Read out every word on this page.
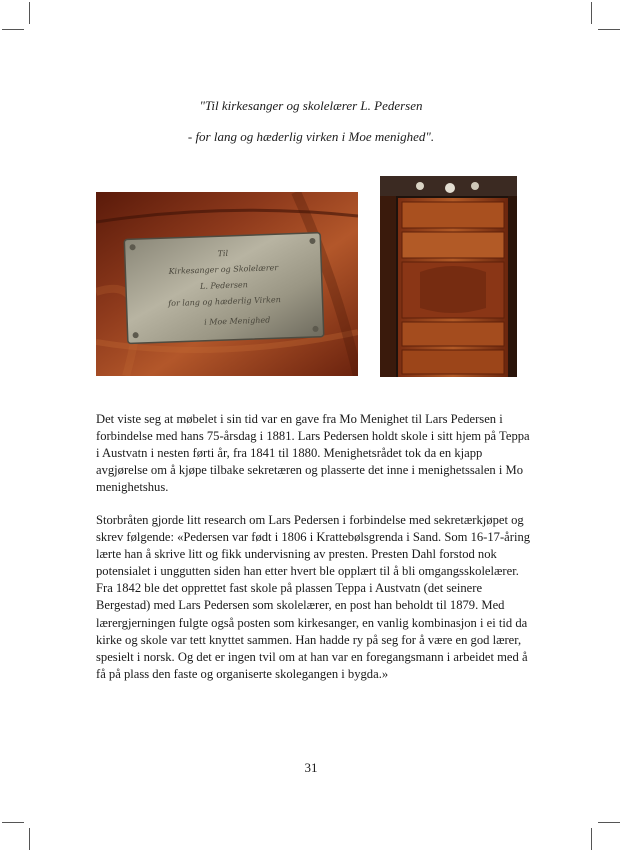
"Til kirkesanger og skolelærer L. Pedersen
- for lang og hæderlig virken i Moe menighed".
Til
Kirkesanger og Skolelærer
L. Pedersen
for lang og hæderlig Virken
i Moe Menighed

Det viste seg at møbelet i sin tid var en gave fra Mo Menighet til Lars Pedersen i forbindelse med hans 75-årsdag i 1881. Lars Pedersen holdt skole i sitt hjem på Teppa i Austvatn i nesten førti år, fra 1841 til 1880. Menighetsrådet tok da en kjapp avgjørelse om å kjøpe tilbake sekretæren og plasserte det inne i menighetssalen i Mo menighetshus.

Storbråten gjorde litt research om Lars Pedersen i forbindelse med sekretærkjøpet og skrev følgende: «Pedersen var født i 1806 i Krattebølsgrenda i Sand. Som 16-17-åring lærte han å skrive litt og fikk undervisning av presten. Presten Dahl forstod nok potensialet i unggutten siden han etter hvert ble opplært til å bli omgangsskolelærer. Fra 1842 ble det opprettet fast skole på plassen Teppa i Austvatn (det seinere Bergestad) med Lars Pedersen som skolelærer, en post han beholdt til 1879. Med lærergjerningen fulgte også posten som kirkesanger, en vanlig kombinasjon i ei tid da kirke og skole var tett knyttet sammen. Han hadde ry på seg for å være en god lærer, spesielt i norsk. Og det er ingen tvil om at han var en foregangsmann i arbeidet med å få på plass den faste og organiserte skolegangen i bygda.»

31
